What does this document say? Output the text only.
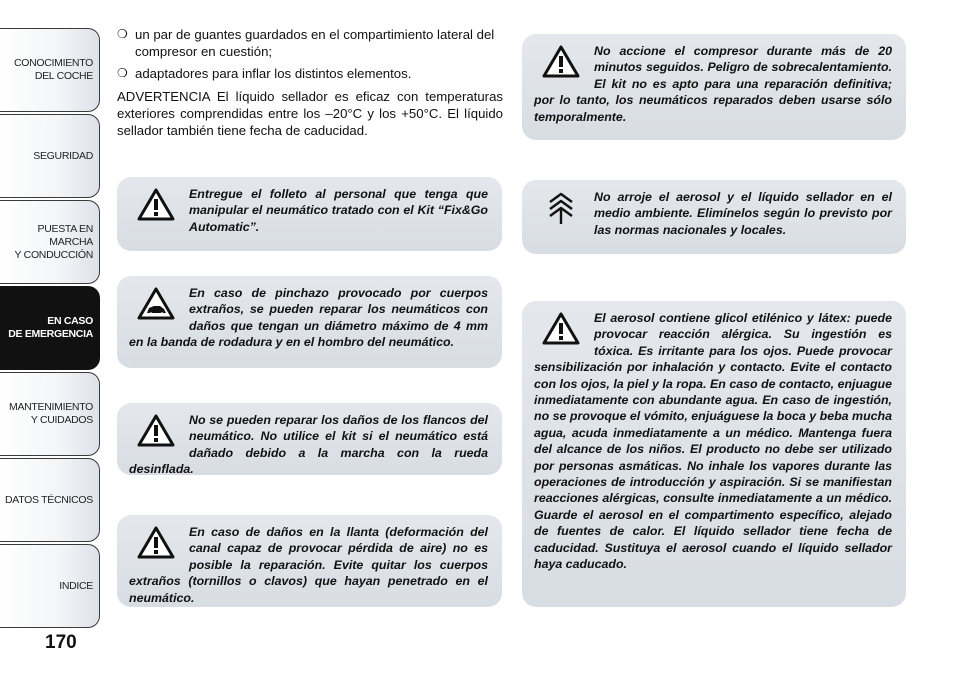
CONOCIMIENTO
DEL COCHE
SEGURIDAD
PUESTA EN MARCHA
Y CONDUCCIÓN
EN CASO
DE EMERGENCIA
MANTENIMIENTO
Y CUIDADOS
DATOS TÉCNICOS
INDICE
170
❍ un par de guantes guardados en el compartimiento lateral del compresor en cuestión;
❍ adaptadores para inflar los distintos elementos.
ADVERTENCIA El líquido sellador es eficaz con temperaturas exteriores comprendidas entre los –20°C y los +50°C. El líquido sellador también tiene fecha de caducidad.
Entregue el folleto al personal que tenga que manipular el neumático tratado con el Kit “Fix&Go Automatic”.
En caso de pinchazo provocado por cuerpos extraños, se pueden reparar los neumáticos con daños que tengan un diámetro máximo de 4 mm en la banda de rodadura y en el hombro del neumático.
No se pueden reparar los daños de los flancos del neumático. No utilice el kit si el neumático está dañado debido a la marcha con la rueda desinflada.
En caso de daños en la llanta (deformación del canal capaz de provocar pérdida de aire) no es posible la reparación. Evite quitar los cuerpos extraños (tornillos o clavos) que hayan penetrado en el neumático.
No accione el compresor durante más de 20 minutos seguidos. Peligro de sobrecalentamiento. El kit no es apto para una reparación definitiva; por lo tanto, los neumáticos reparados deben usarse sólo temporalmente.
No arroje el aerosol y el líquido sellador en el medio ambiente. Elimínelos según lo previsto por las normas nacionales y locales.
El aerosol contiene glicol etilénico y látex: puede provocar reacción alérgica. Su ingestión es tóxica. Es irritante para los ojos. Puede provocar sensibilización por inhalación y contacto. Evite el contacto con los ojos, la piel y la ropa. En caso de contacto, enjuague inmediatamente con abundante agua. En caso de ingestión, no se provoque el vómito, enjuáguese la boca y beba mucha agua, acuda inmediatamente a un médico. Mantenga fuera del alcance de los niños. El producto no debe ser utilizado por personas asmáticas. No inhale los vapores durante las operaciones de introducción y aspiración. Si se manifiestan reacciones alérgicas, consulte inmediatamente a un médico. Guarde el aerosol en el compartimento específico, alejado de fuentes de calor. El líquido sellador tiene fecha de caducidad. Sustituya el aerosol cuando el líquido sellador haya caducado.
